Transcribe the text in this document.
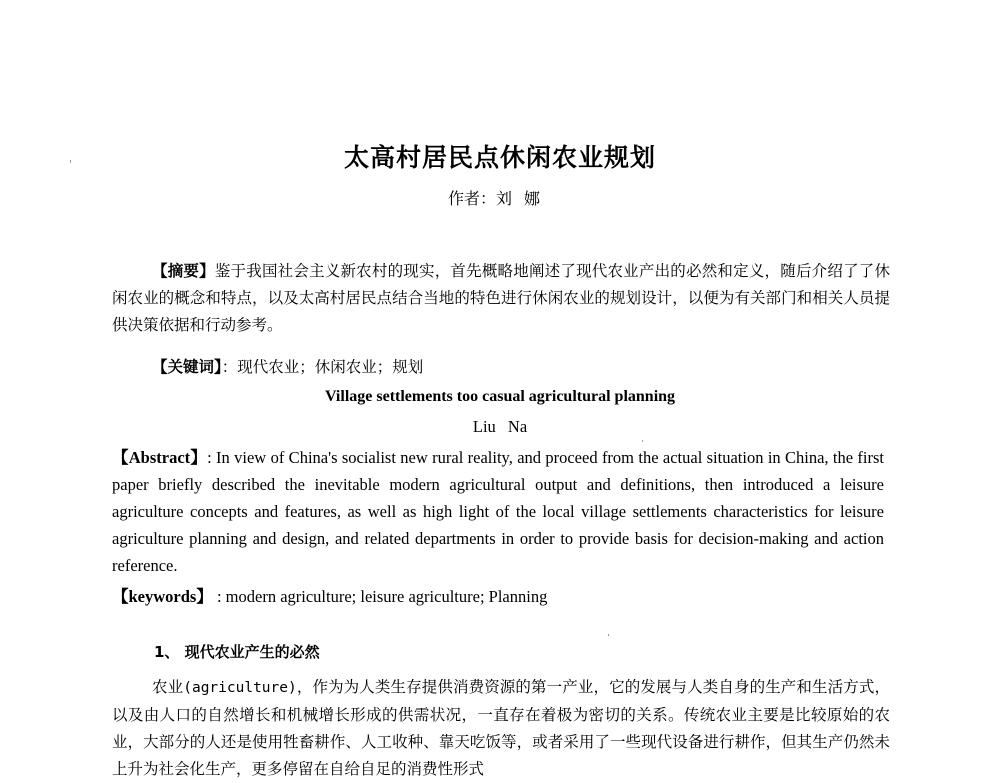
太高村居民点休闲农业规划
作者：刘娜
【摘要】鉴于我国社会主义新农村的现实，首先概略地阐述了现代农业产出的必然和定义，随后介绍了了休闲农业的概念和特点，以及太高村居民点结合当地的特色进行休闲农业的规划设计，以便为有关部门和相关人员提供决策依据和行动参考。
【关键词】：现代农业；休闲农业；规划
Village settlements too casual agricultural planning
Liu Na
【Abstract】: In view of China's socialist new rural reality, and proceed from the actual situation in China, the first paper briefly described the inevitable modern agricultural output and definitions, then introduced a leisure agriculture concepts and features, as well as high light of the local village settlements characteristics for leisure agriculture planning and design, and related departments in order to provide basis for decision-making and action reference.
【keywords】 : modern agriculture; leisure agriculture; Planning
1、 现代农业产生的必然
农业(agriculture)，作为为人类生存提供消费资源的第一产业，它的发展与人类自身的生产和生活方式，以及由人口的自然增长和机械增长形成的供需状况，一直存在着极为密切的关系。传统农业主要是比较原始的农业，大部分的人还是使用牲畜耕作、人工收种、靠天吃饭等，或者采用了一些现代设备进行耕作，但其生产仍然未上升为社会化生产，更多停留在自给自足的消费性形式
